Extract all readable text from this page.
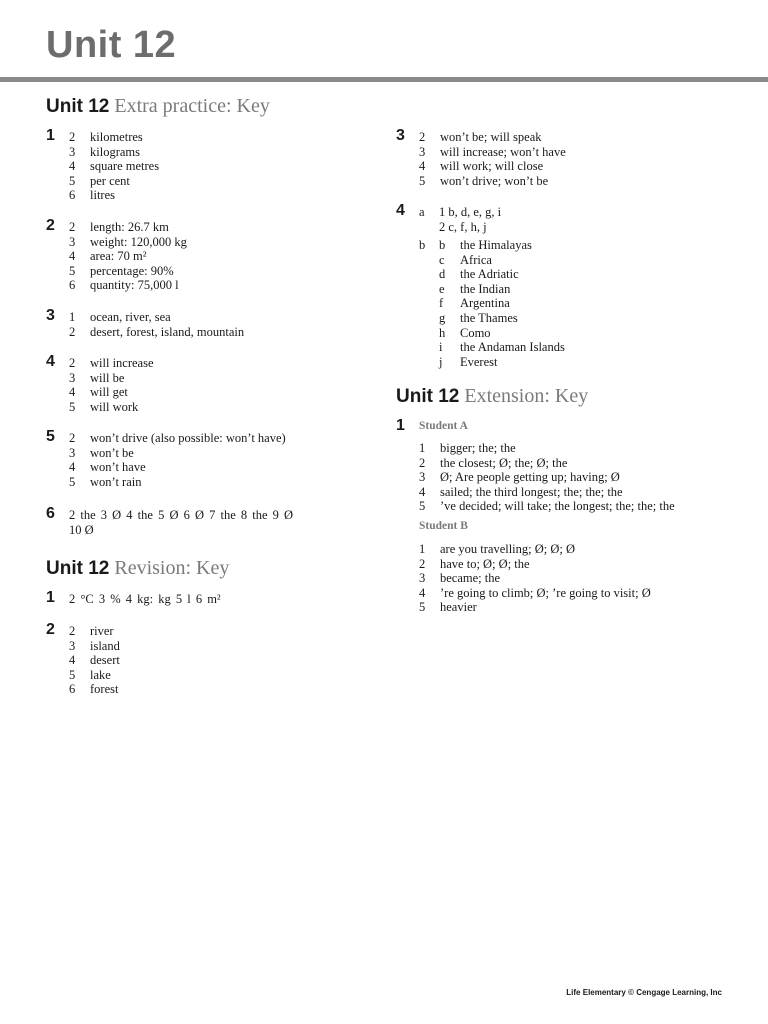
Unit 12
Unit 12 Extra practice: Key
1 2	kilometres
3	kilograms
4	square metres
5	per cent
6	litres
2 2	length: 26.7 km
3	weight: 120,000 kg
4	area: 70 m²
5	percentage: 90%
6	quantity: 75,000 l
3 1	ocean, river, sea
2	desert, forest, island, mountain
4 2	will increase
3	will be
4	will get
5	will work
5 2	won’t drive (also possible: won’t have)
3	won’t be
4	won’t have
5	won’t rain
6 2 the 3 Ø 4 the 5 Ø 6 Ø 7 the 8 the 9 Ø
10 Ø
Unit 12 Revision: Key
1 2 °C 3 % 4 kg: kg 5 l 6 m²
2 2	river
3	island
4	desert
5	lake
6	forest
3 2	won’t be; will speak
3	will increase; won’t have
4	will work; will close
5	won’t drive; won’t be
4 a 1 b, d, e, g, i
2 c, f, h, j
b b	the Himalayas
c	Africa
d	the Adriatic
e	the Indian
f	Argentina
g	the Thames
h	Como
i	the Andaman Islands
j	Everest
Unit 12 Extension: Key
1 Student A
1	bigger; the; the
2	the closest; Ø; the; Ø; the
3	Ø; Are people getting up; having; Ø
4	sailed; the third longest; the; the; the
5	’ve decided; will take; the longest; the; the; the
Student B
1	are you travelling; Ø; Ø; Ø
2	have to; Ø; Ø; the
3	became; the
4	’re going to climb; Ø; ’re going to visit; Ø
5	heavier
Life Elementary © Cengage Learning, Inc
